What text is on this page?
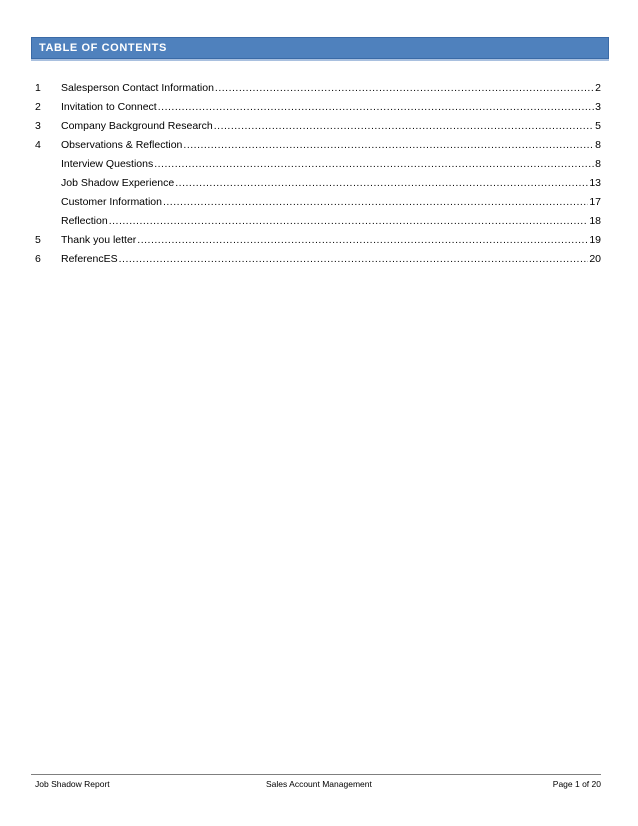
TABLE OF CONTENTS
1	Salesperson Contact Information .....	2
2	Invitation to Connect .....	3
3	Company Background Research .....	5
4	Observations & Reflection .....	8
Interview Questions .....	8
Job Shadow Experience .....	13
Customer Information .....	17
Reflection .....	18
5	Thank you letter .....	19
6	ReferencES .....	20
Job Shadow Report	Sales Account Management	Page 1 of 20
